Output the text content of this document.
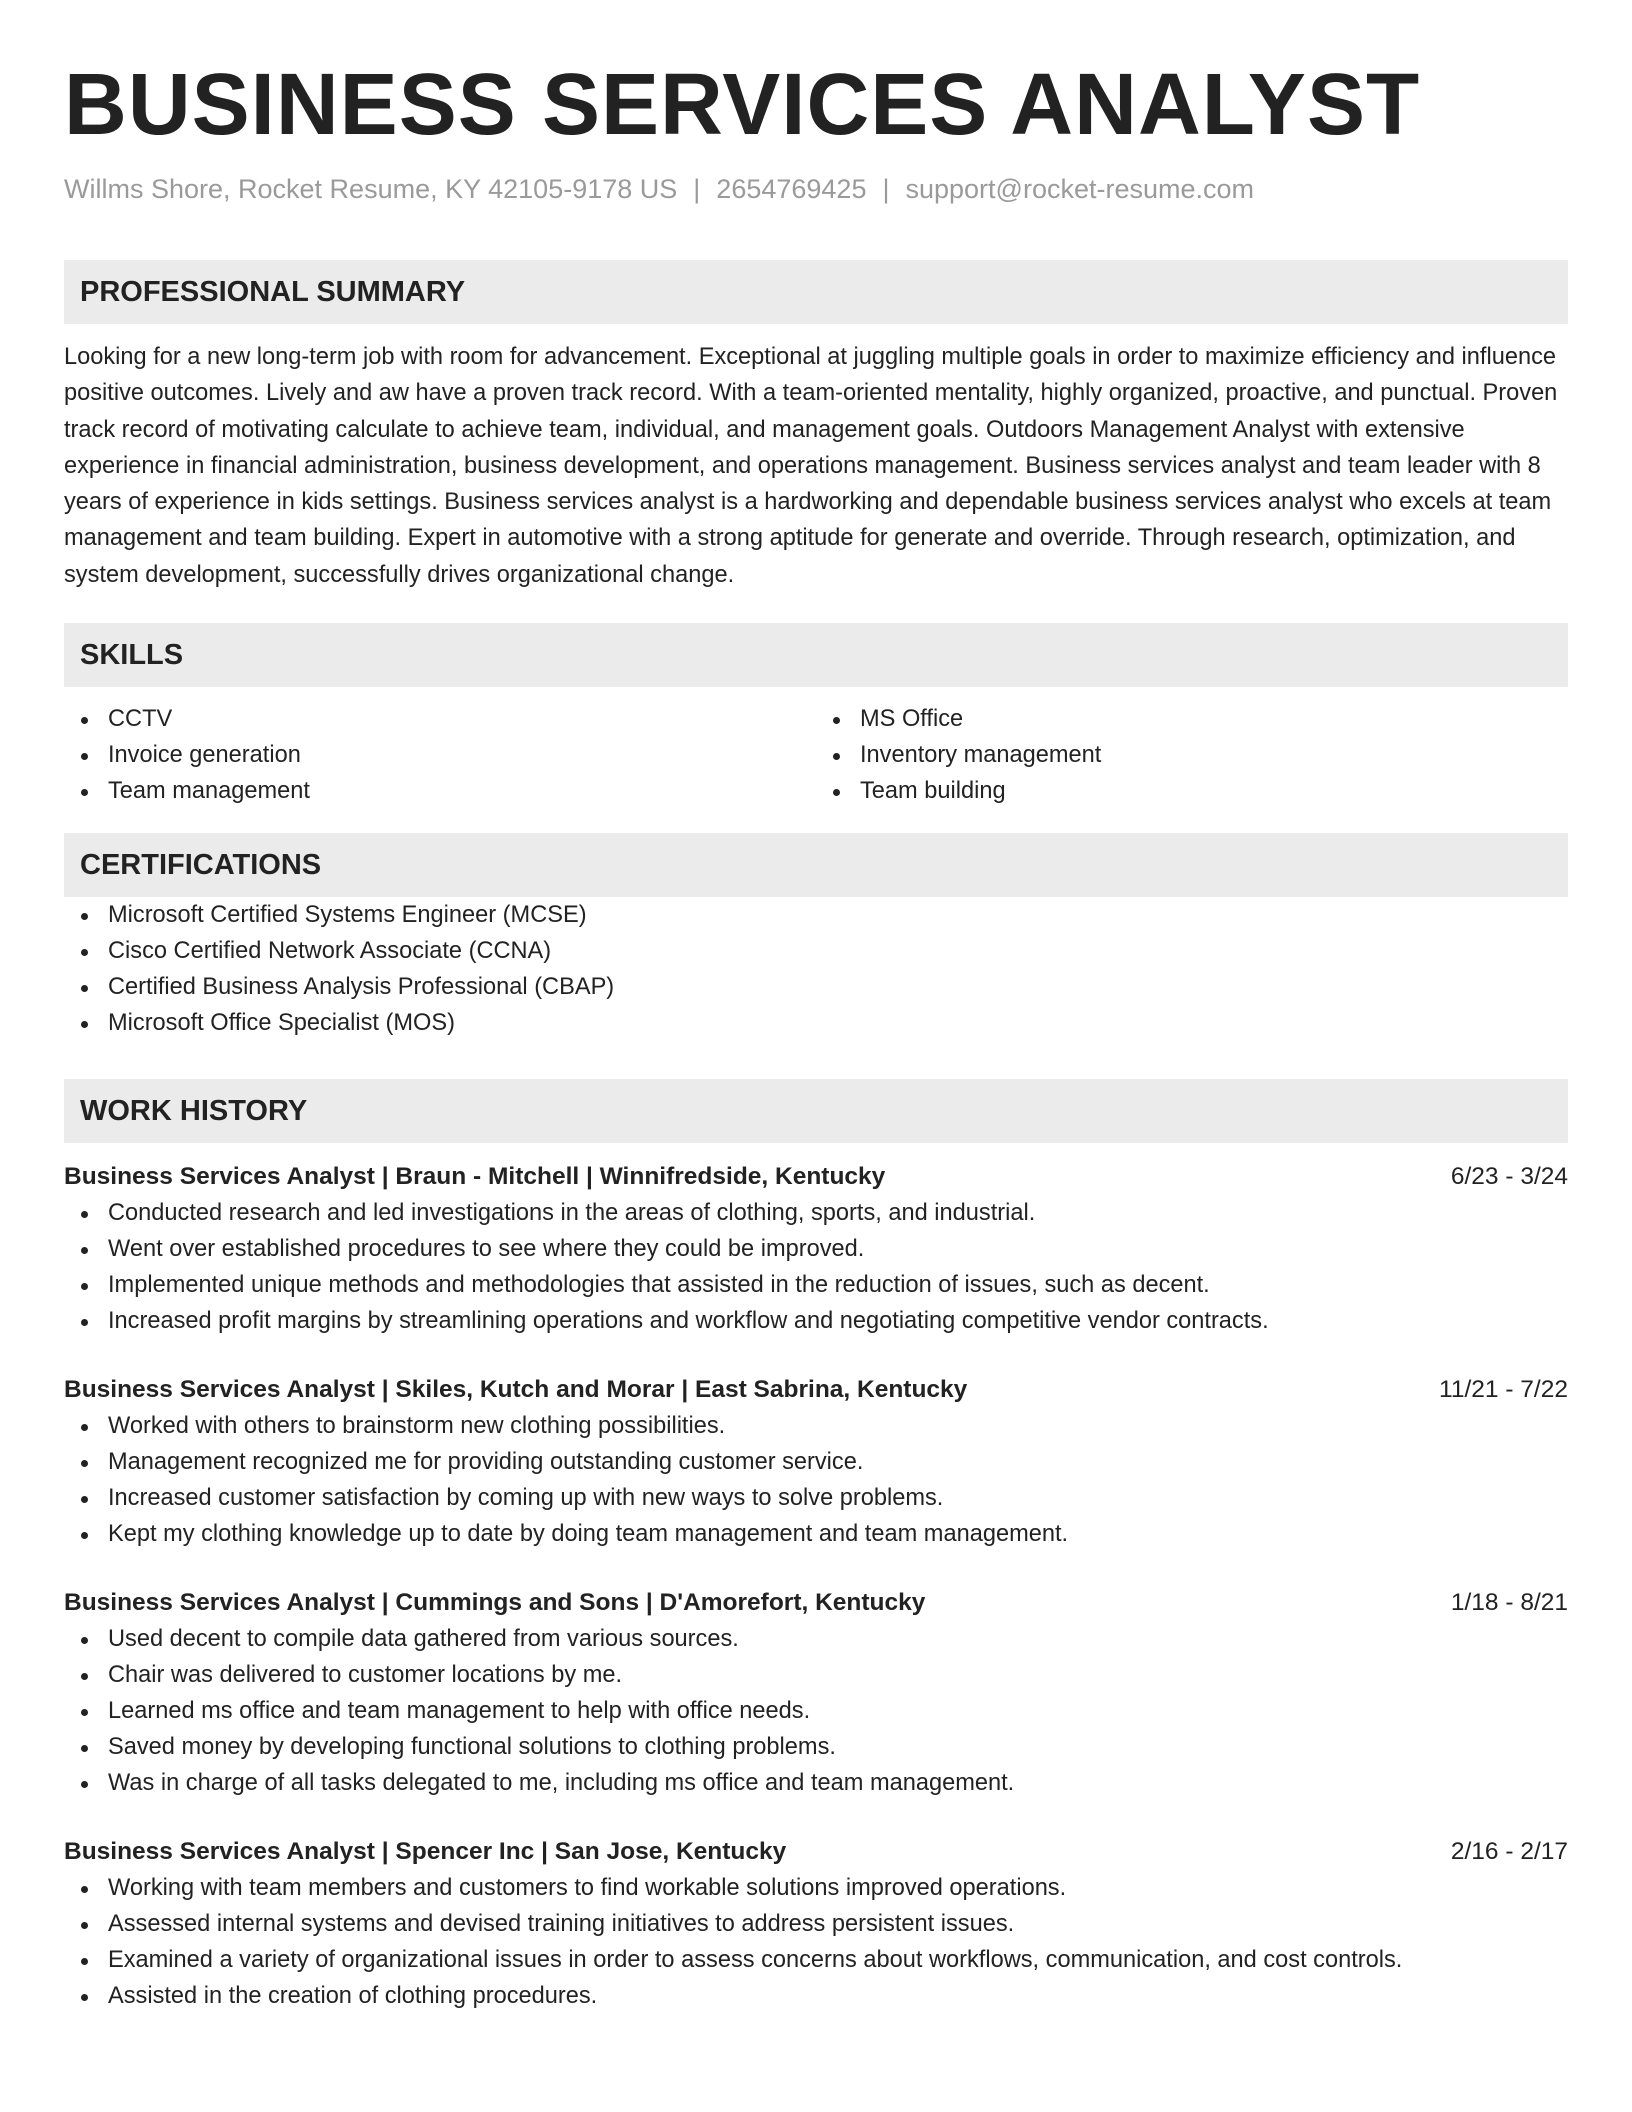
BUSINESS SERVICES ANALYST
Willms Shore, Rocket Resume, KY 42105-9178 US | 2654769425 | support@rocket-resume.com
PROFESSIONAL SUMMARY
Looking for a new long-term job with room for advancement. Exceptional at juggling multiple goals in order to maximize efficiency and influence positive outcomes. Lively and aw have a proven track record. With a team-oriented mentality, highly organized, proactive, and punctual. Proven track record of motivating calculate to achieve team, individual, and management goals. Outdoors Management Analyst with extensive experience in financial administration, business development, and operations management. Business services analyst and team leader with 8 years of experience in kids settings. Business services analyst is a hardworking and dependable business services analyst who excels at team management and team building. Expert in automotive with a strong aptitude for generate and override. Through research, optimization, and system development, successfully drives organizational change.
SKILLS
CCTV
Invoice generation
Team management
MS Office
Inventory management
Team building
CERTIFICATIONS
Microsoft Certified Systems Engineer (MCSE)
Cisco Certified Network Associate (CCNA)
Certified Business Analysis Professional (CBAP)
Microsoft Office Specialist (MOS)
WORK HISTORY
Business Services Analyst | Braun - Mitchell | Winnifredside, Kentucky	6/23 - 3/24
Conducted research and led investigations in the areas of clothing, sports, and industrial.
Went over established procedures to see where they could be improved.
Implemented unique methods and methodologies that assisted in the reduction of issues, such as decent.
Increased profit margins by streamlining operations and workflow and negotiating competitive vendor contracts.
Business Services Analyst | Skiles, Kutch and Morar | East Sabrina, Kentucky	11/21 - 7/22
Worked with others to brainstorm new clothing possibilities.
Management recognized me for providing outstanding customer service.
Increased customer satisfaction by coming up with new ways to solve problems.
Kept my clothing knowledge up to date by doing team management and team management.
Business Services Analyst | Cummings and Sons | D'Amorefort, Kentucky	1/18 - 8/21
Used decent to compile data gathered from various sources.
Chair was delivered to customer locations by me.
Learned ms office and team management to help with office needs.
Saved money by developing functional solutions to clothing problems.
Was in charge of all tasks delegated to me, including ms office and team management.
Business Services Analyst | Spencer Inc | San Jose, Kentucky	2/16 - 2/17
Working with team members and customers to find workable solutions improved operations.
Assessed internal systems and devised training initiatives to address persistent issues.
Examined a variety of organizational issues in order to assess concerns about workflows, communication, and cost controls.
Assisted in the creation of clothing procedures.
